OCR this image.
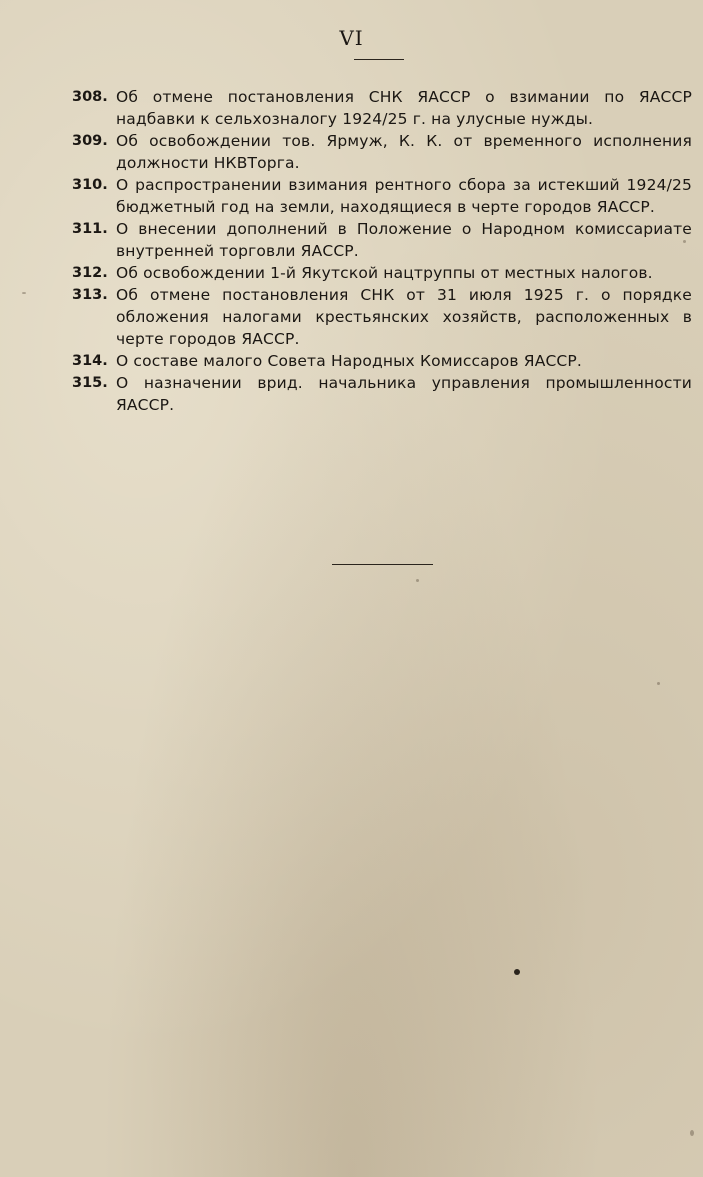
VI
308. Об отмене постановления СНК ЯАССР о взимании по ЯАССР надбавки к сельхозналогу 1924/25 г. на улусные нужды.
309. Об освобождении тов. Ярмуж, К. К. от временного исполнения должности НКВТорга.
310. О распространении взимания рентного сбора за истекший 1924/25 бюджетный год на земли, находящиеся в черте городов ЯАССР.
311. О внесении дополнений в Положение о Народном комиссариате внутренней торговли ЯАССР.
312. Об освобождении 1-й Якутской нацтруппы от местных налогов.
313. Об отмене постановления СНК от 31 июля 1925 г. о порядке обложения налогами крестьянских хозяйств, расположенных в черте городов ЯАССР.
314. О составе малого Совета Народных Комиссаров ЯАССР.
315. О назначении врид. начальника управления промышленности ЯАССР.
